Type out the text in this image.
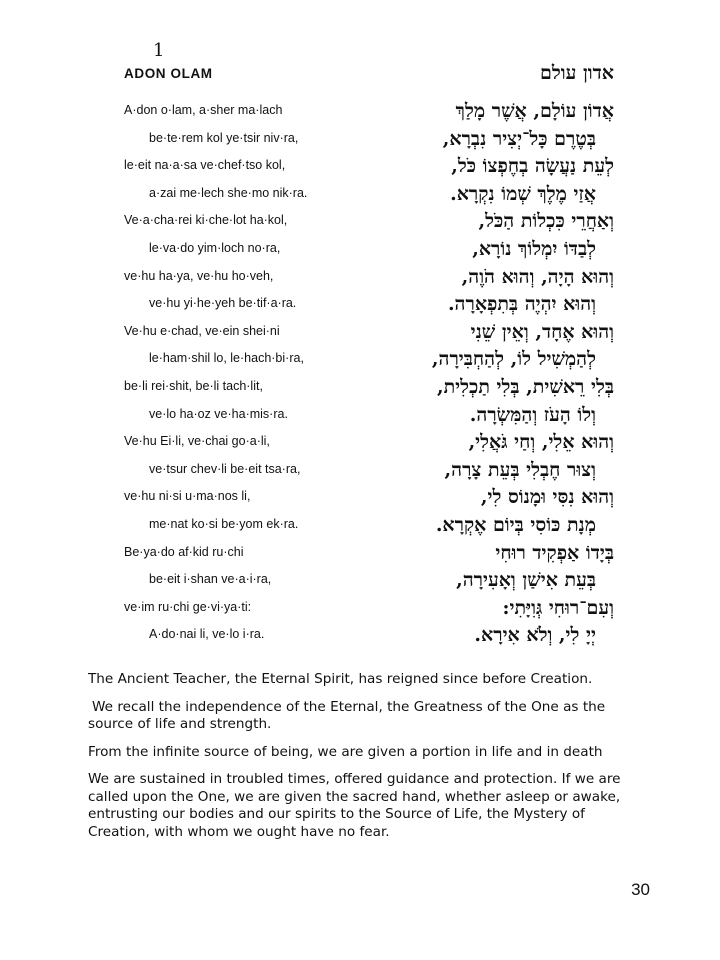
1
ADON OLAM	אדון עולם
A·don o·lam, a·sher ma·lach	אֲדוֹן עוֹלָם, אֲשֶׁר מָלַךְ
be·te·rem kol ye·tsir niv·ra,	בְּטֶרֶם כָּל־יְצִיר נִבְרָא,
le·eit na·a·sa ve·chef·tso kol,	לְעֵת נַעֲשָׂה בְחֶפְצוֹ כֹּל,
a·zai me·lech she·mo nik·ra.	אֲזַי מֶלֶךְ שְׁמוֹ נִקְרָא.
Ve·a·cha·rei ki·che·lot ha·kol,	וְאַחֲרֵי כִּכְלוֹת הַכֹּל,
le·va·do yim·loch no·ra,	לְבַדּוֹ יִמְלוֹךְ נוֹרָא,
ve·hu ha·ya, ve·hu ho·veh,	וְהוּא הָיָה, וְהוּא הֹוֶה,
ve·hu yi·he·yeh be·tif·a·ra.	וְהוּא יִהְיֶה בְּתִפְאָרָה.
Ve·hu e·chad, ve·ein shei·ni	וְהוּא אֶחָד, וְאֵין שֵׁנִי
le·ham·shil lo, le·hach·bi·ra,	לְהַמְשִׁיל לוֹ, לְהַחְבִּירָה,
be·li rei·shit, be·li tach·lit,	בְּלִי רֵאשִׁית, בְּלִי תַכְלִית,
ve·lo ha·oz ve·ha·mis·ra.	וְלוֹ הָעֹז וְהַמִּשְׂרָה.
Ve·hu Ei·li, ve·chai go·a·li,	וְהוּא אֵלִי, וְחַי גֹּאֲלִי,
ve·tsur chev·li be·eit tsa·ra,	וְצוּר חֶבְלִי בְּעֵת צָרָה,
ve·hu ni·si u·ma·nos li,	וְהוּא נִסִּי וּמָנוֹס לִי,
me·nat ko·si be·yom ek·ra.	מְנָת כּוֹסִי בְּיוֹם אֶקְרָא.
Be·ya·do af·kid ru·chi	בְּיָדוֹ אַפְקִיד רוּחִי
be·eit i·shan ve·a·i·ra,	בְּעֵת אִישַׁן וְאָעִירָה,
ve·im ru·chi ge·vi·ya·ti:	וְעִם־רוּחִי גְּוִיָּתִי:
A·do·nai li, ve·lo i·ra.	יְיָ לִי, וְלֹא אִירָא.

The Ancient Teacher, the Eternal Spirit, has reigned since before Creation.

We recall the independence of the Eternal, the Greatness of the One as the source of life and strength.

From the infinite source of being, we are given a portion in life and in death

We are sustained in troubled times, offered guidance and protection. If we are called upon the One, we are given the sacred hand, whether asleep or awake, entrusting our bodies and our spirits to the Source of Life, the Mystery of Creation, with whom we ought have no fear.

30
